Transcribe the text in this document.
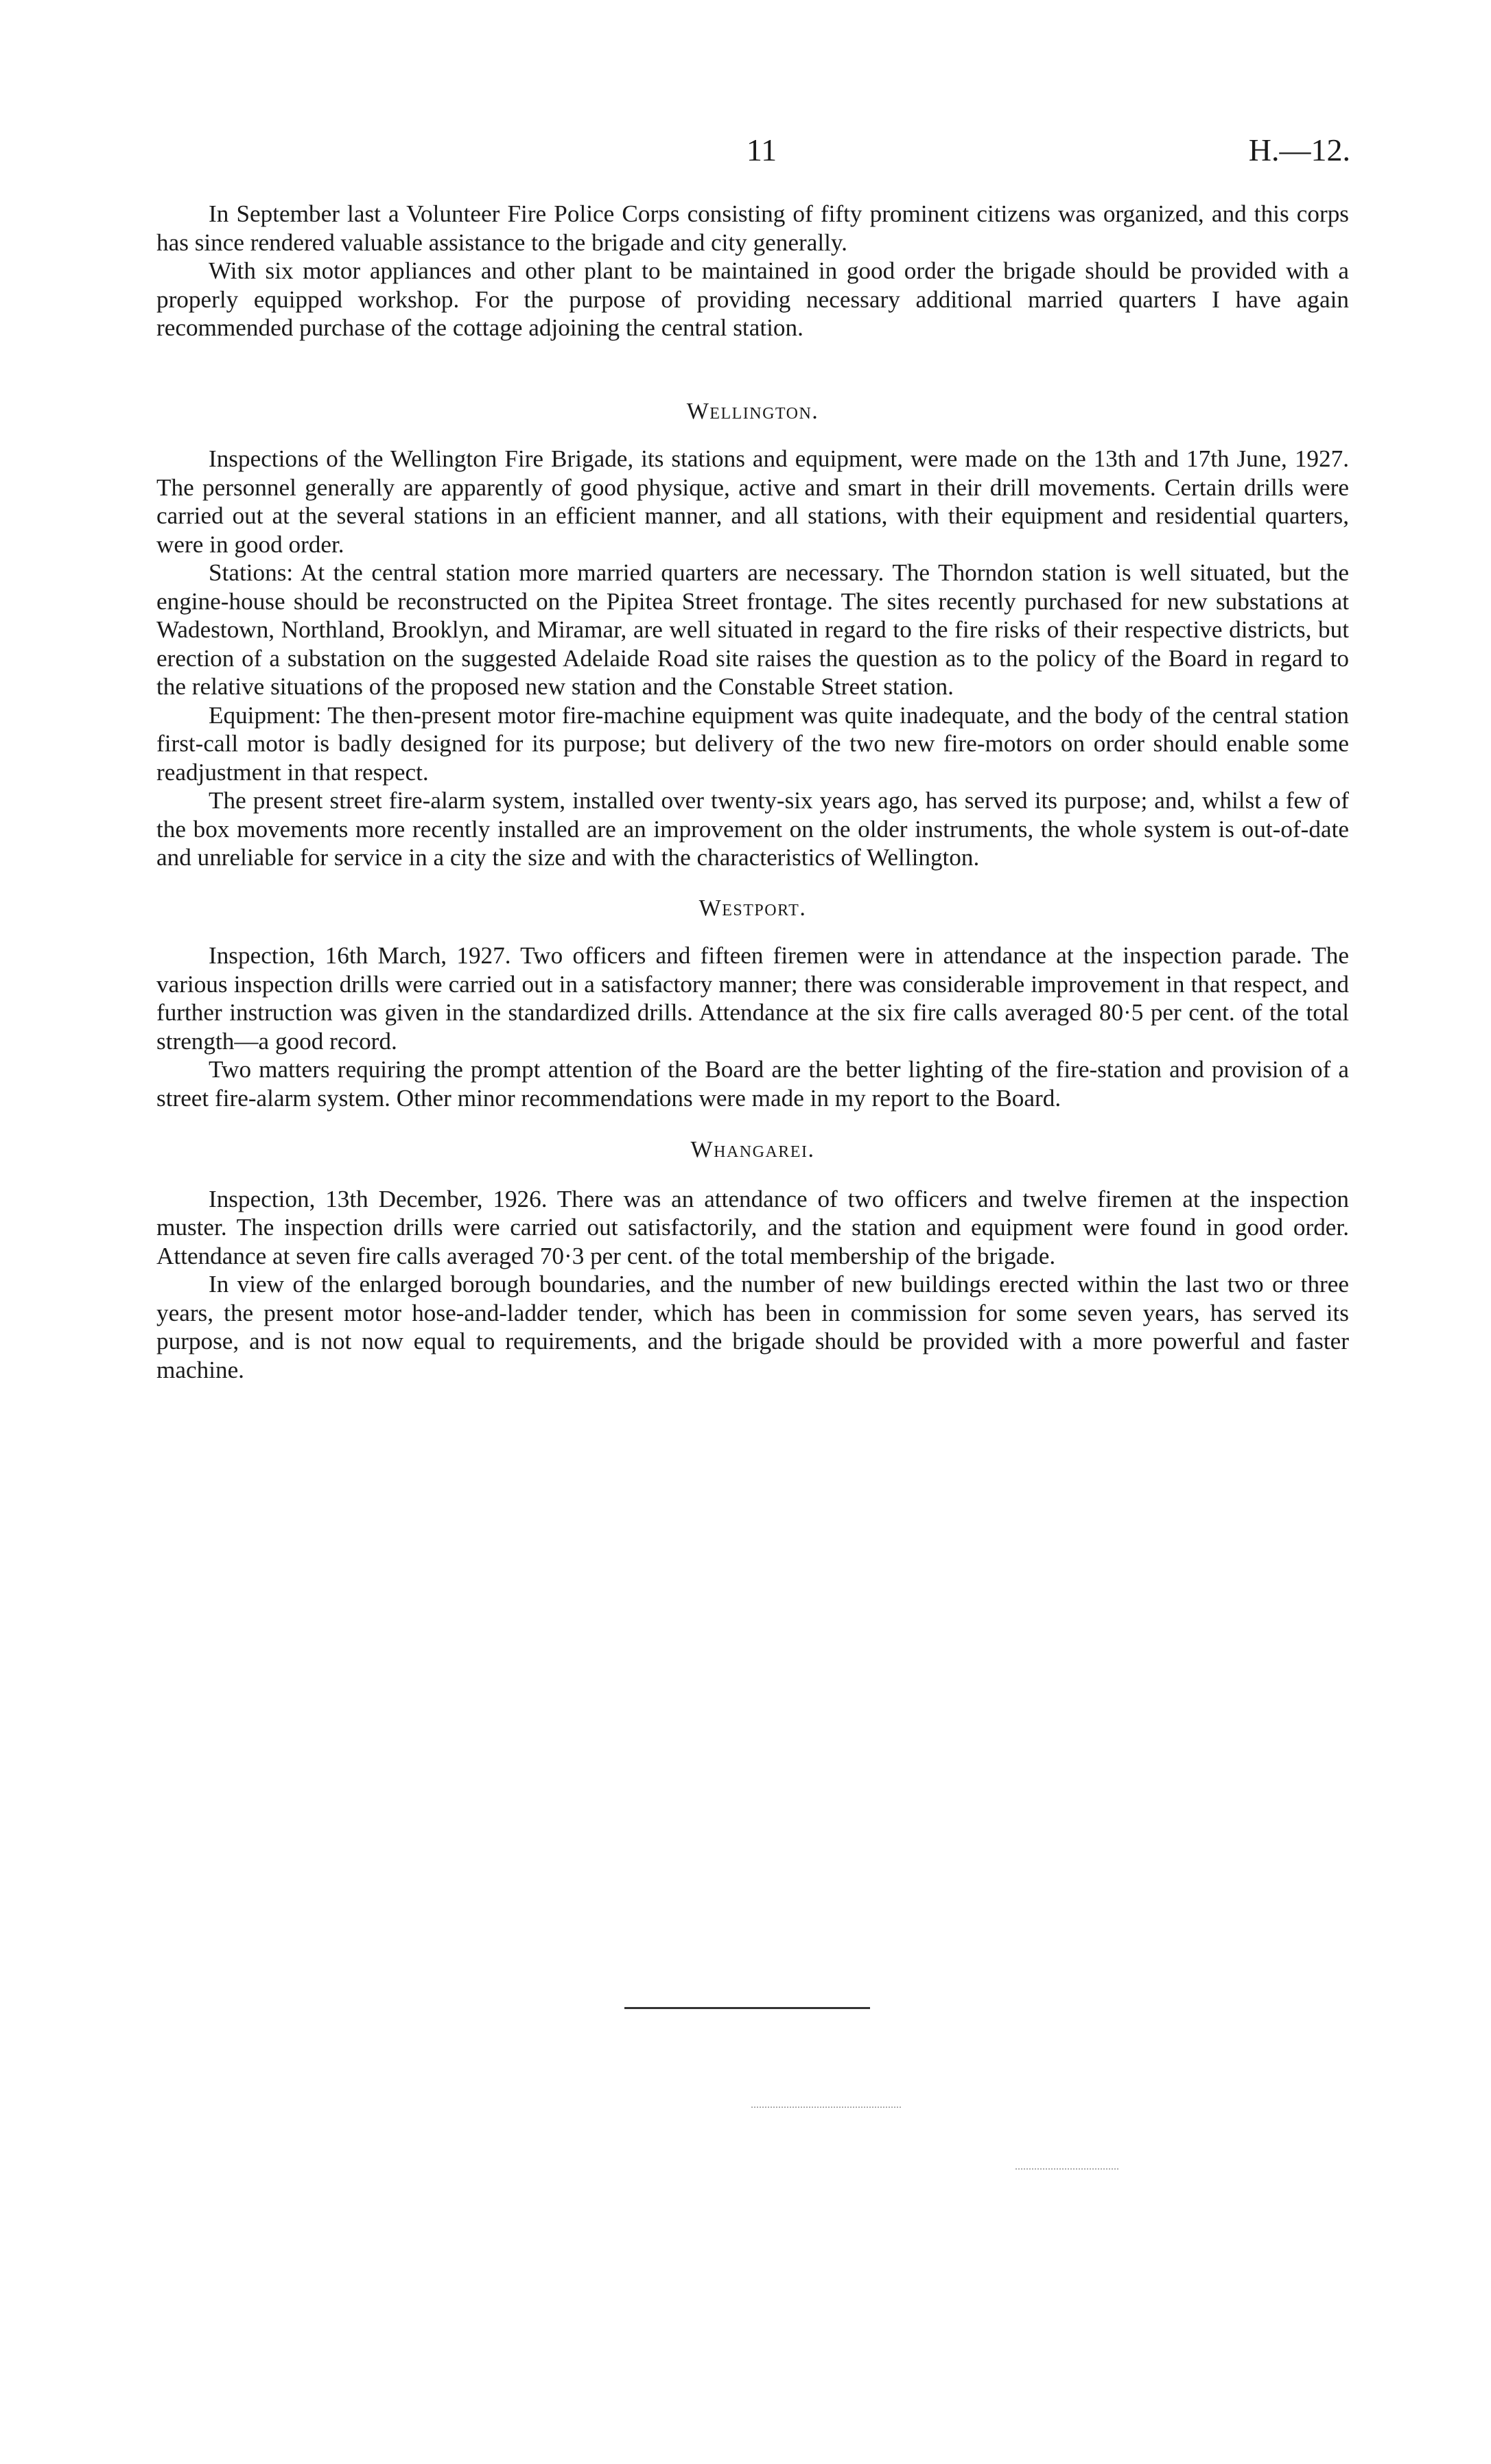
11	H.—12.

In September last a Volunteer Fire Police Corps consisting of fifty prominent citizens was organized, and this corps has since rendered valuable assistance to the brigade and city generally.

With six motor appliances and other plant to be maintained in good order the brigade should be provided with a properly equipped workshop. For the purpose of providing necessary additional married quarters I have again recommended purchase of the cottage adjoining the central station.

Wellington.

Inspections of the Wellington Fire Brigade, its stations and equipment, were made on the 13th and 17th June, 1927. The personnel generally are apparently of good physique, active and smart in their drill movements. Certain drills were carried out at the several stations in an efficient manner, and all stations, with their equipment and residential quarters, were in good order.

Stations: At the central station more married quarters are necessary. The Thorndon station is well situated, but the engine-house should be reconstructed on the Pipitea Street frontage. The sites recently purchased for new substations at Wadestown, Northland, Brooklyn, and Miramar, are well situated in regard to the fire risks of their respective districts, but erection of a substation on the suggested Adelaide Road site raises the question as to the policy of the Board in regard to the relative situations of the proposed new station and the Constable Street station.

Equipment: The then-present motor fire-machine equipment was quite inadequate, and the body of the central station first-call motor is badly designed for its purpose; but delivery of the two new fire-motors on order should enable some readjustment in that respect.

The present street fire-alarm system, installed over twenty-six years ago, has served its purpose; and, whilst a few of the box movements more recently installed are an improvement on the older instruments, the whole system is out-of-date and unreliable for service in a city the size and with the characteristics of Wellington.

Westport.

Inspection, 16th March, 1927. Two officers and fifteen firemen were in attendance at the inspection parade. The various inspection drills were carried out in a satisfactory manner; there was considerable improvement in that respect, and further instruction was given in the standardized drills. Attendance at the six fire calls averaged 80·5 per cent. of the total strength—a good record.

Two matters requiring the prompt attention of the Board are the better lighting of the fire-station and provision of a street fire-alarm system. Other minor recommendations were made in my report to the Board.

Whangarei.

Inspection, 13th December, 1926. There was an attendance of two officers and twelve firemen at the inspection muster. The inspection drills were carried out satisfactorily, and the station and equipment were found in good order. Attendance at seven fire calls averaged 70·3 per cent. of the total membership of the brigade.

In view of the enlarged borough boundaries, and the number of new buildings erected within the last two or three years, the present motor hose-and-ladder tender, which has been in commission for some seven years, has served its purpose, and is not now equal to requirements, and the brigade should be provided with a more powerful and faster machine.
